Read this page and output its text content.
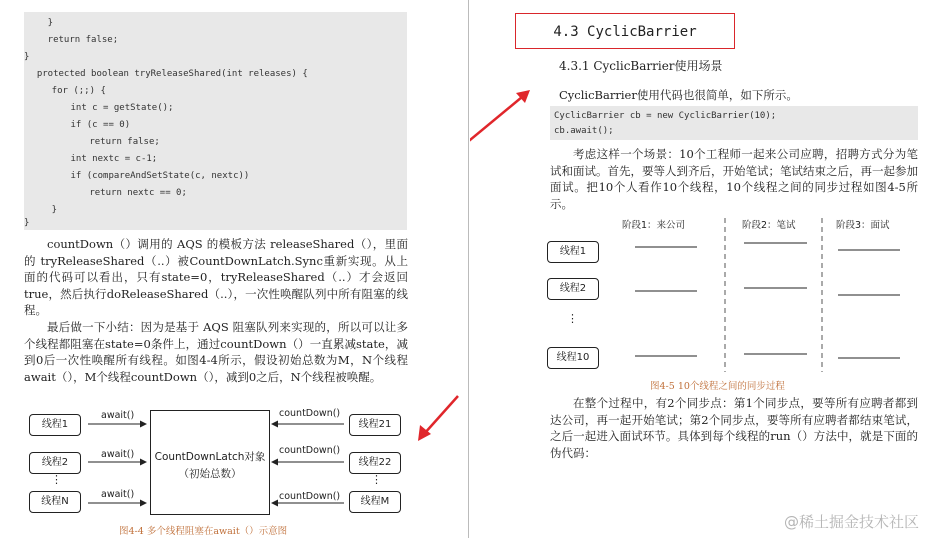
}
return false;
}
protected boolean tryReleaseShared(int releases) {
for (;;) {
int c = getState();
if (c == 0)
return false;
int nextc = c-1;
if (compareAndSetState(c, nextc))
return nextc == 0;
}
}

countDown（）调用的 AQS 的模板方法 releaseShared（），里面的 tryReleaseShared（..）被CountDownLatch.Sync重新实现。从上面的代码可以看出，只有state=0，tryReleaseShared（..）才会返回true，然后执行doReleaseShared（..），一次性唤醒队列中所有阻塞的线程。

最后做一下小结：因为是基于 AQS 阻塞队列来实现的，所以可以让多个线程都阻塞在state=0条件上，通过countDown（）一直累减state，减到0后一次性唤醒所有线程。如图4-4所示，假设初始总数为M，N个线程await（），M个线程countDown（），减到0之后，N个线程被唤醒。

线程1
线程2
⋮
线程N
await()
await()
await()
CountDownLatch对象
（初始总数）
countDown()
countDown()
countDown()
线程21
线程22
⋮
线程M
图4-4 多个线程阻塞在await（）示意图
4.3 CyclicBarrier
4.3.1 CyclicBarrier使用场景
CyclicBarrier使用代码也很简单，如下所示。
CyclicBarrier cb = new CyclicBarrier(10);
cb.await();

考虑这样一个场景：10个工程师一起来公司应聘，招聘方式分为笔试和面试。首先，要等人到齐后，开始笔试；笔试结束之后，再一起参加面试。把10个人看作10个线程，10个线程之间的同步过程如图4-5所示。

阶段1：来公司	阶段2：笔试	阶段3：面试
线程1
线程2
⋮
线程10
图4-5 10个线程之间的同步过程

在整个过程中，有2个同步点：第1个同步点，要等所有应聘者都到达公司，再一起开始笔试；第2个同步点，要等所有应聘者都结束笔试，之后一起进入面试环节。具体到每个线程的run（）方法中，就是下面的伪代码：

@稀土掘金技术社区
